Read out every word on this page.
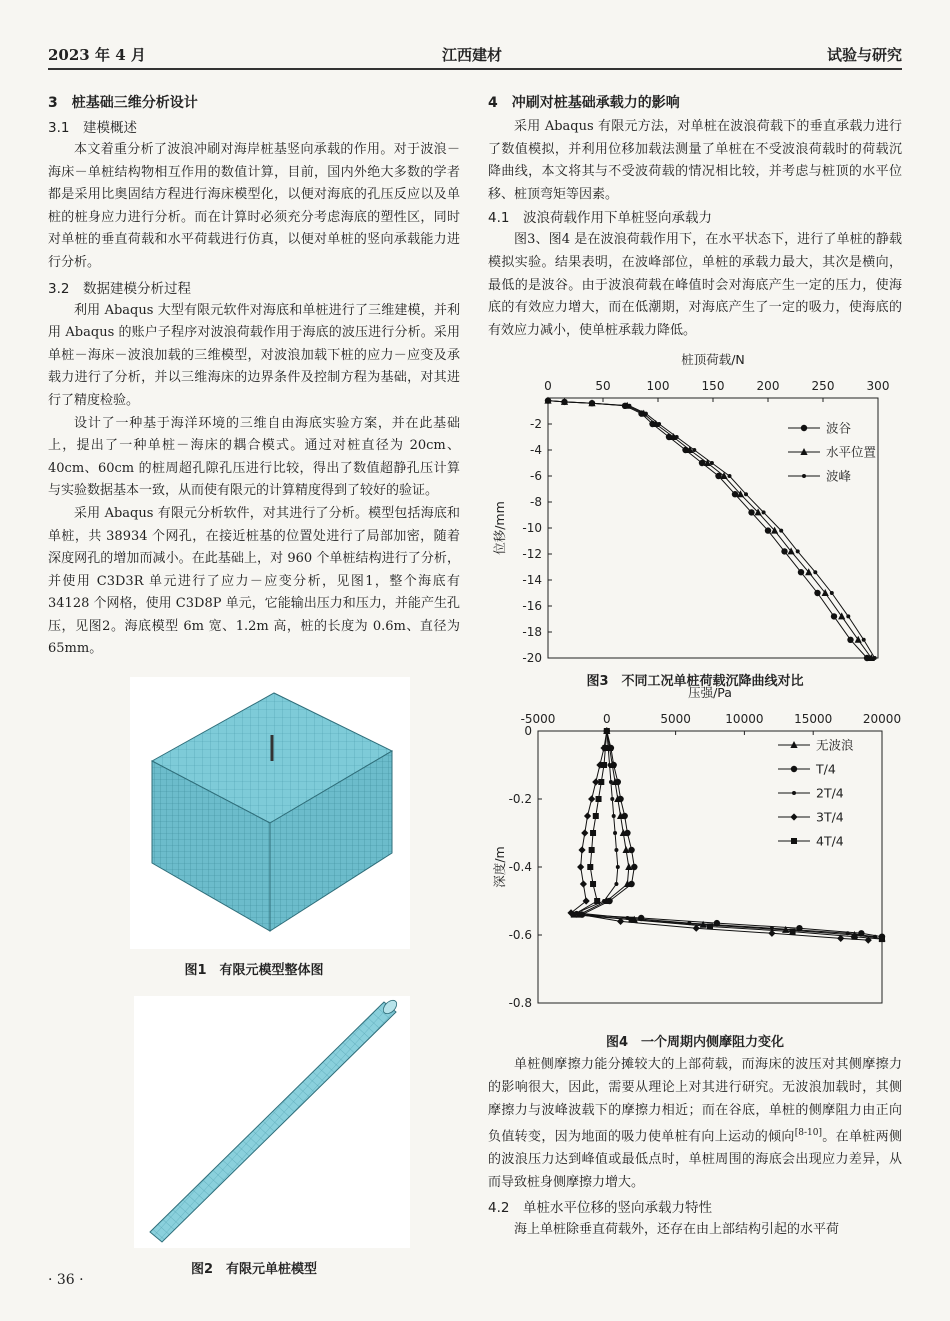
2023 年 4 月	江西建材	试验与研究
3　桩基础三维分析设计
3.1　建模概述

本文着重分析了波浪冲刷对海岸桩基竖向承载的作用。对于波浪－海床－单桩结构物相互作用的数值计算，目前，国内外绝大多数的学者都是采用比奥固结方程进行海床模型化，以便对海底的孔压反应以及单桩的桩身应力进行分析。而在计算时必须充分考虑海底的塑性区，同时对单桩的垂直荷载和水平荷载进行仿真，以便对单桩的竖向承载能力进行分析。

3.2　数据建模分析过程

利用 Abaqus 大型有限元软件对海底和单桩进行了三维建模，并利用 Abaqus 的账户子程序对波浪荷载作用于海底的波压进行分析。采用单桩－海床－波浪加载的三维模型，对波浪加载下桩的应力－应变及承载力进行了分析，并以三维海床的边界条件及控制方程为基础，对其进行了精度检验。

设计了一种基于海洋环境的三维自由海底实验方案，并在此基础上，提出了一种单桩－海床的耦合模式。通过对桩直径为 20cm、40cm、60cm 的桩周超孔隙孔压进行比较，得出了数值超静孔压计算与实验数据基本一致，从而使有限元的计算精度得到了较好的验证。

采用 Abaqus 有限元分析软件，对其进行了分析。模型包括海底和单桩，共 38934 个网孔，在接近桩基的位置处进行了局部加密，随着深度网孔的增加而减小。在此基础上，对 960 个单桩结构进行了分析，并使用 C3D3R 单元进行了应力－应变分析，见图1，整个海底有 34128 个网格，使用 C3D8P 单元，它能输出压力和压力，并能产生孔压，见图2。海底模型 6m 宽、1.2m 高，桩的长度为 0.6m、直径为 65mm。

图1　有限元模型整体图
图2　有限元单桩模型
4　冲刷对桩基础承载力的影响

采用 Abaqus 有限元方法，对单桩在波浪荷载下的垂直承载力进行了数值模拟，并利用位移加载法测量了单桩在不受波浪荷载时的荷载沉降曲线，本文将其与不受波荷载的情况相比较，并考虑与桩顶的水平位移、桩顶弯矩等因素。

4.1　波浪荷载作用下单桩竖向承载力

图3、图4 是在波浪荷载作用下，在水平状态下，进行了单桩的静载模拟实验。结果表明，在波峰部位，单桩的承载力最大，其次是横向，最低的是波谷。由于波浪荷载在峰值时会对海底产生一定的压力，使海底的有效应力增大，而在低潮期，对海底产生了一定的吸力，使海底的有效应力减小，使单桩承载力降低。

桩顶荷载/N
0	50	100	150	200	250	300
-2
-4
-6
-8
-10
-12
-14
-16
-18
-20
位移/mm
波谷
水平位置
波峰
图3　不同工况单桩荷载沉降曲线对比
压强/Pa
-5000	0	5000	10000	15000	20000
0
-0.2
-0.4
-0.6
-0.8
深度/m
无波浪
T/4
2T/4
3T/4
4T/4
图4　一个周期内侧摩阻力变化

单桩侧摩擦力能分摊较大的上部荷载，而海床的波压对其侧摩擦力的影响很大，因此，需要从理论上对其进行研究。无波浪加载时，其侧摩擦力与波峰波载下的摩擦力相近；而在谷底，单桩的侧摩阻力由正向负值转变，因为地面的吸力使单桩有向上运动的倾向[8-10]。在单桩两侧的波浪压力达到峰值或最低点时，单桩周围的海底会出现应力差异，从而导致桩身侧摩擦力增大。

4.2　单桩水平位移的竖向承载力特性

海上单桩除垂直荷载外，还存在由上部结构引起的水平荷

· 36 ·
